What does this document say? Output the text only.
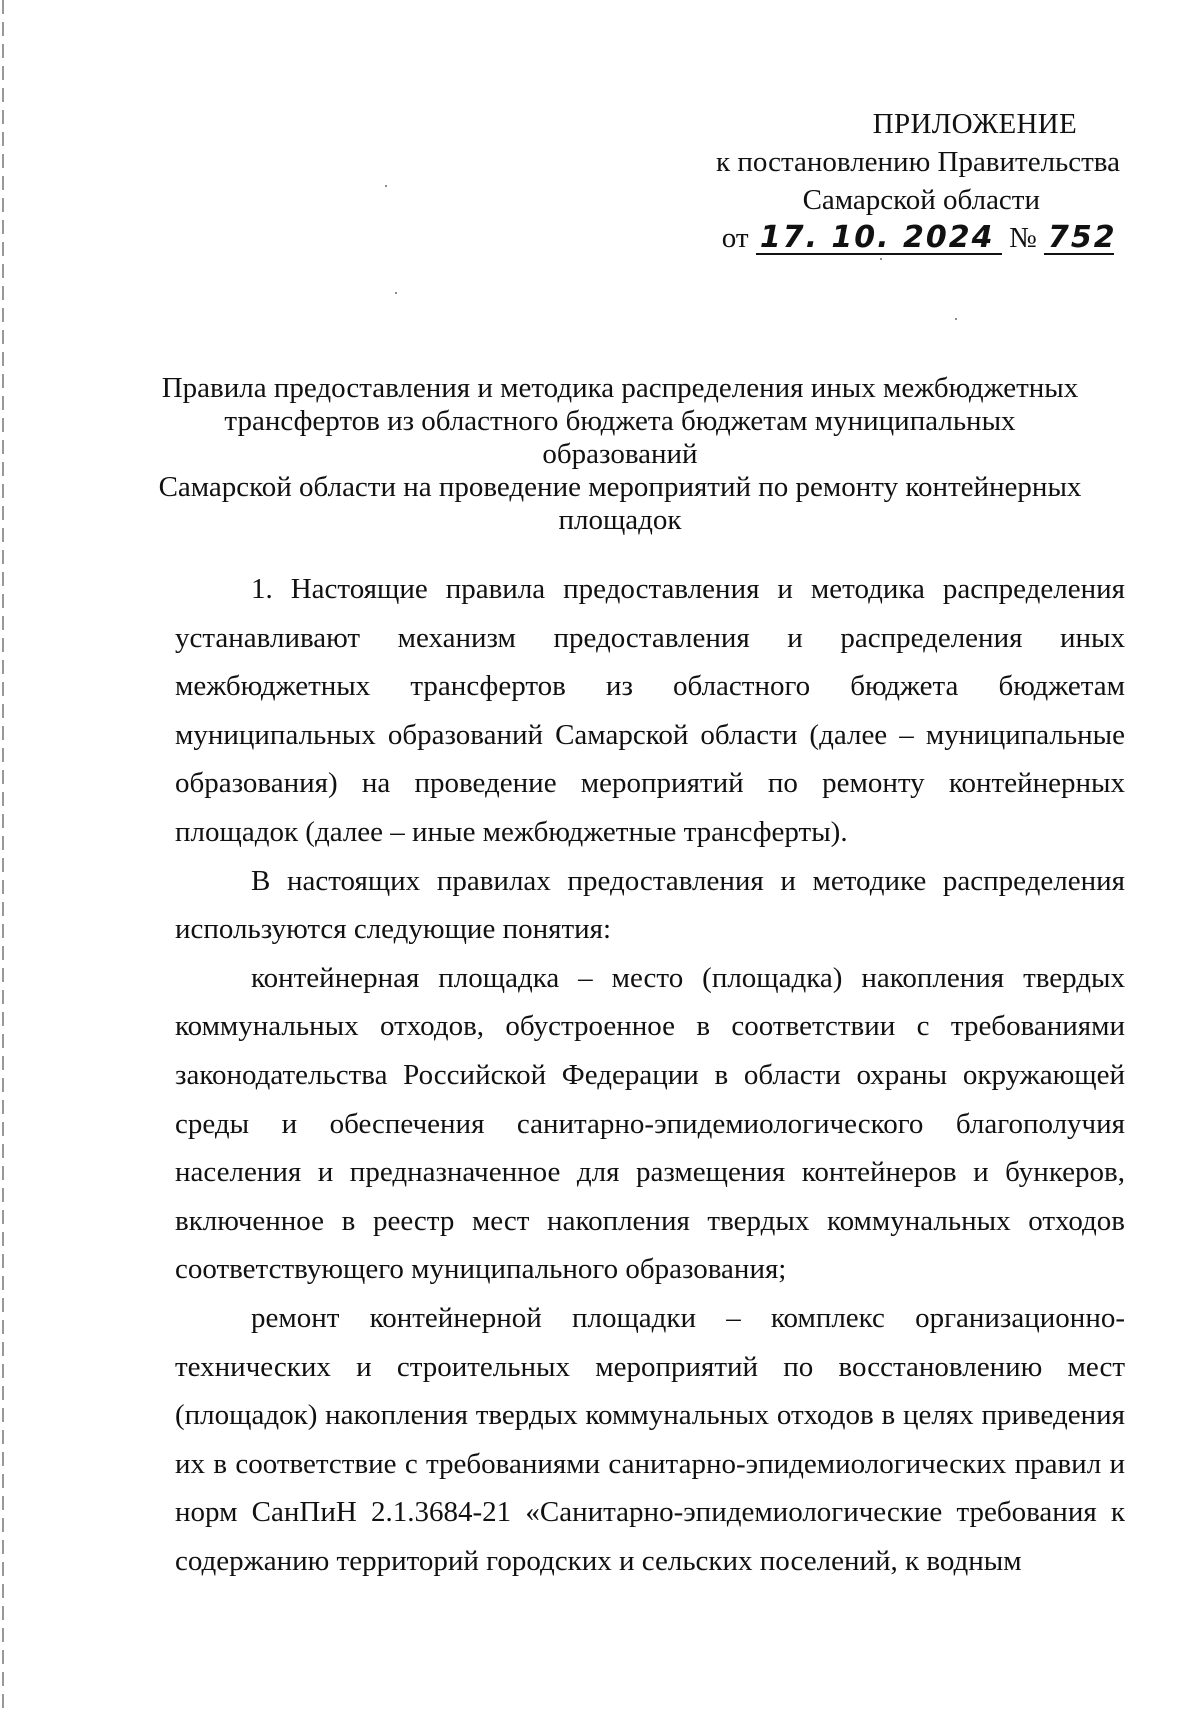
ПРИЛОЖЕНИЕ
к постановлению Правительства
Самарской области
от 17. 10. 2024 № 752
Правила предоставления и методика распределения иных межбюджетных
трансфертов из областного бюджета бюджетам муниципальных образований
Самарской области на проведение мероприятий по ремонту контейнерных
площадок

1. Настоящие правила предоставления и методика распределения устанавливают механизм предоставления и распределения иных межбюджетных трансфертов из областного бюджета бюджетам муниципальных образований Самарской области (далее – муниципальные образования) на проведение мероприятий по ремонту контейнерных площадок (далее – иные межбюджетные трансферты).

В настоящих правилах предоставления и методике распределения используются следующие понятия:

контейнерная площадка – место (площадка) накопления твердых коммунальных отходов, обустроенное в соответствии с требованиями законодательства Российской Федерации в области охраны окружающей среды и обеспечения санитарно-эпидемиологического благополучия населения и предназначенное для размещения контейнеров и бункеров, включенное в реестр мест накопления твердых коммунальных отходов соответствующего муниципального образования;

ремонт контейнерной площадки – комплекс организационно-технических и строительных мероприятий по восстановлению мест (площадок) накопления твердых коммунальных отходов в целях приведения их в соответствие с требованиями санитарно-эпидемиологических правил и норм СанПиН 2.1.3684-21 «Санитарно-эпидемиологические требования к содержанию территорий городских и сельских поселений, к водным
